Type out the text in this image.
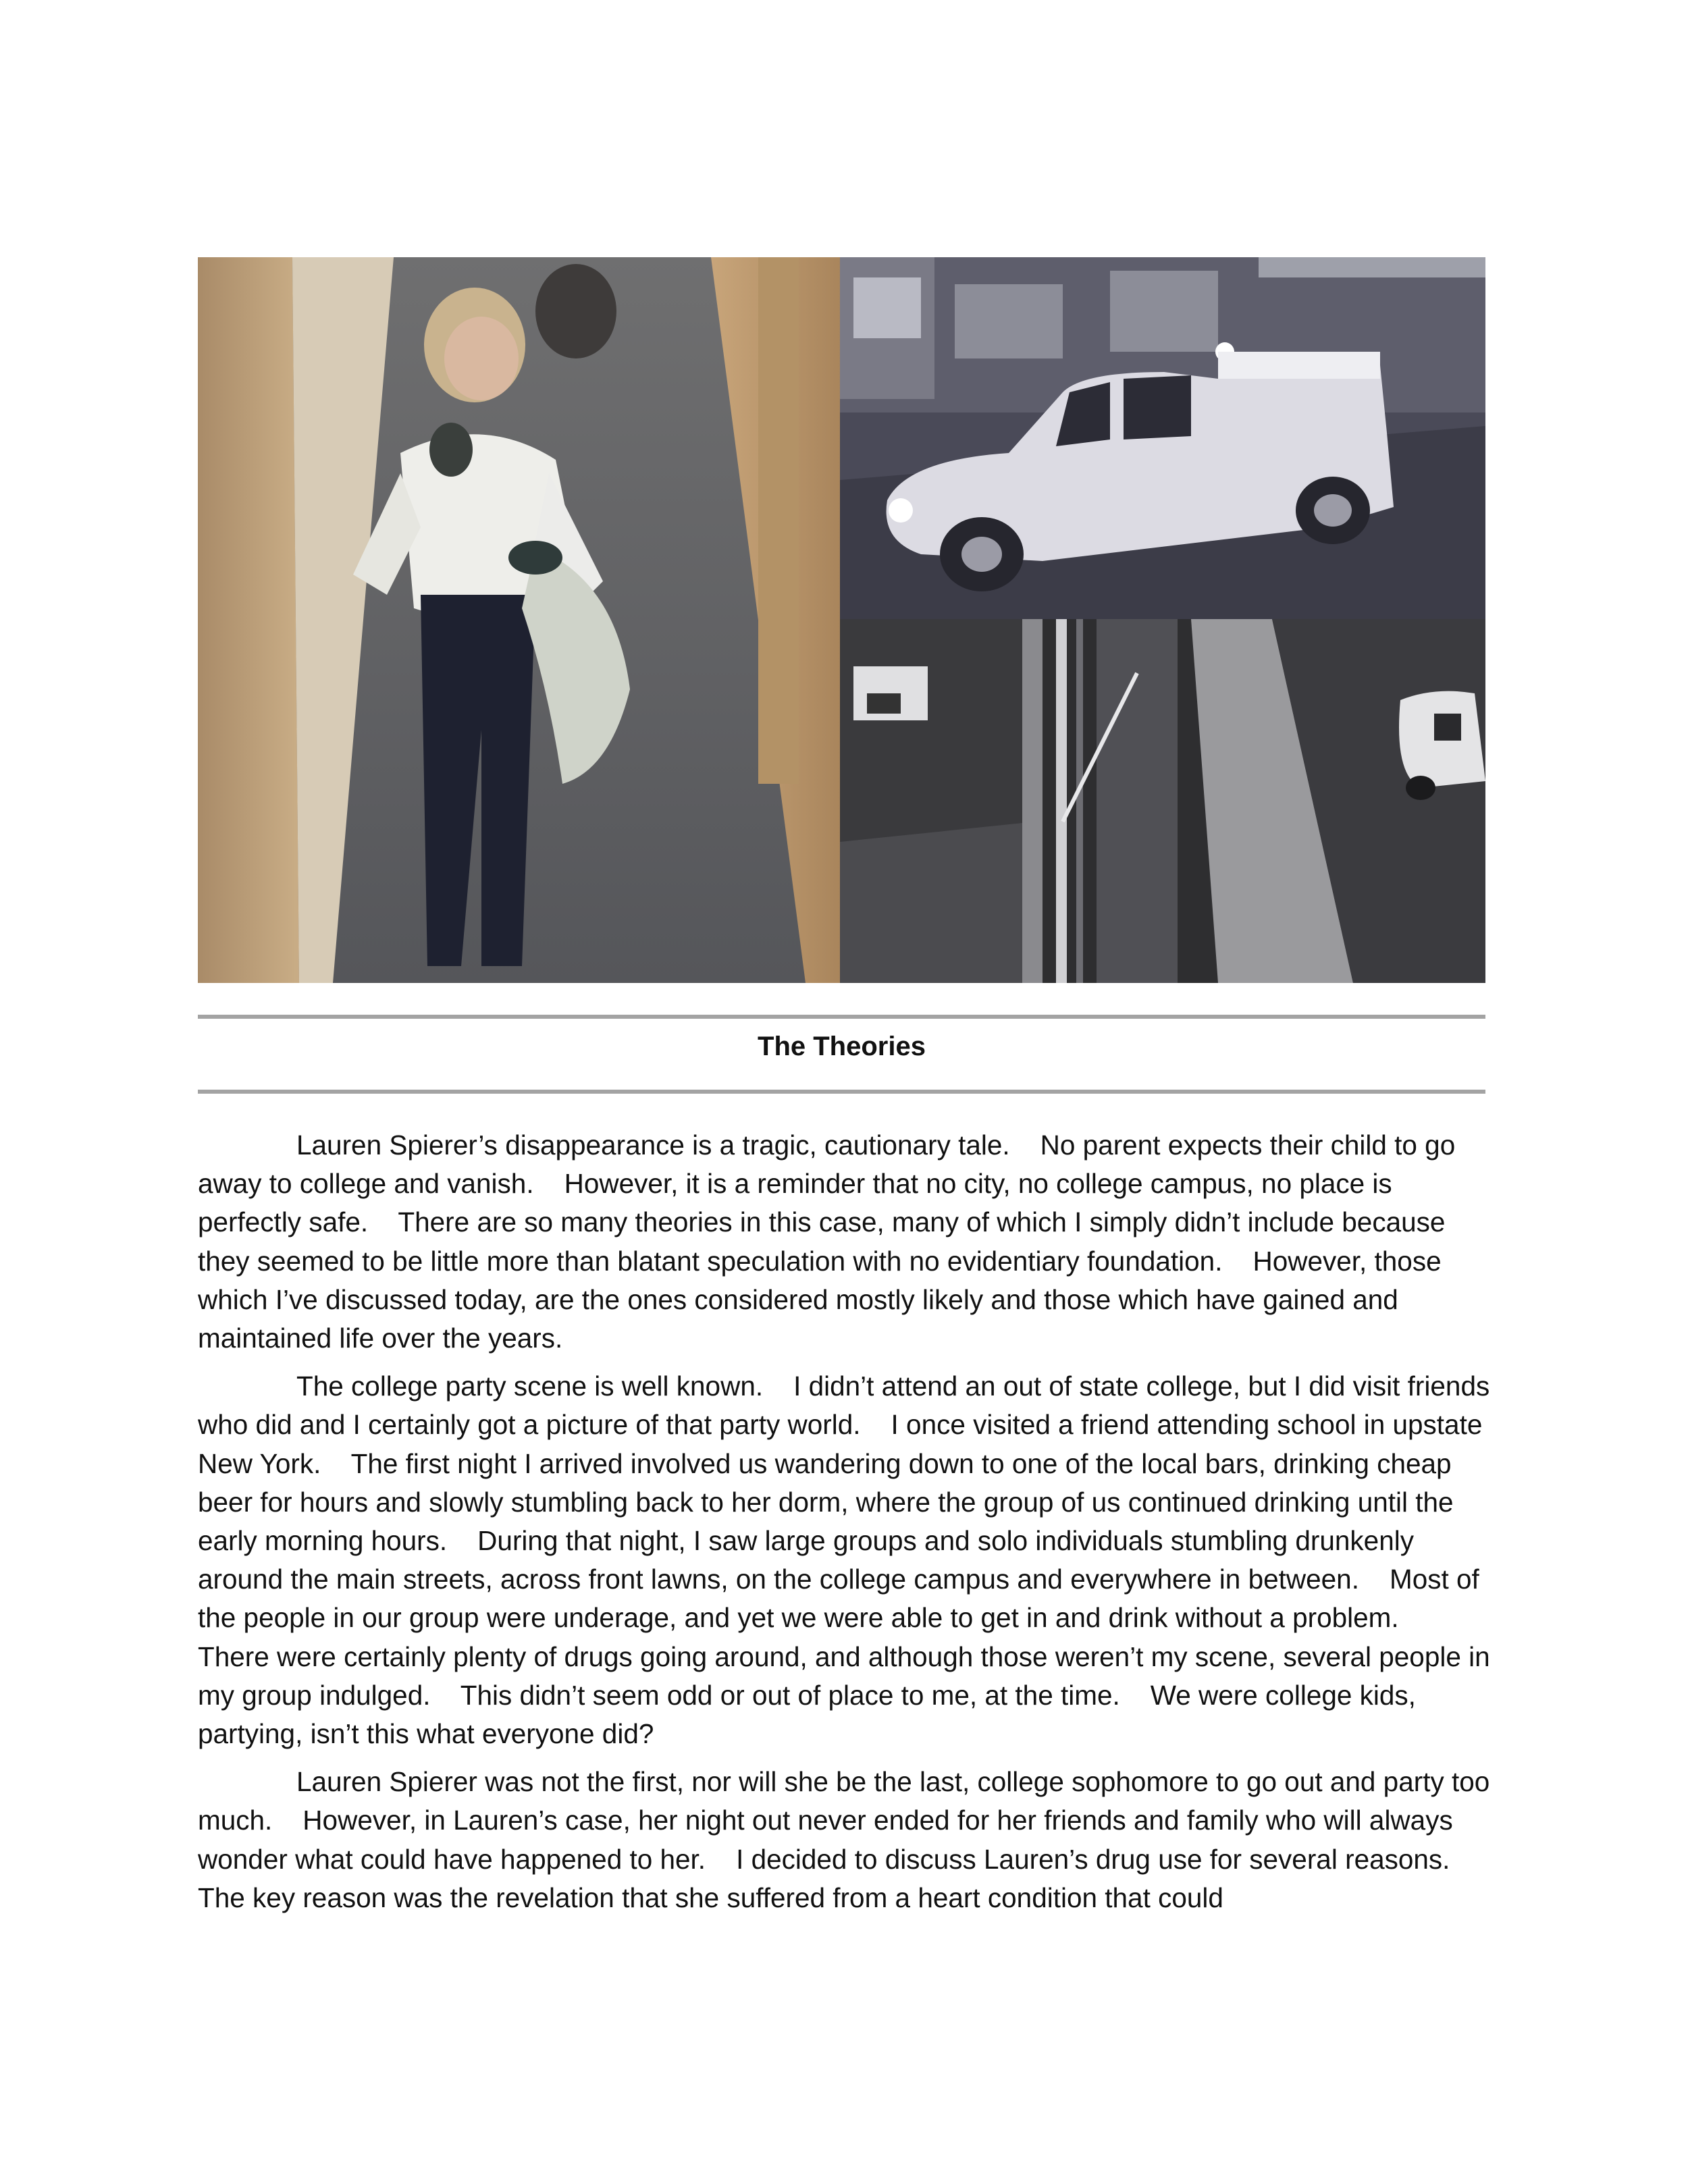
The Theories

Lauren Spierer’s disappearance is a tragic, cautionary tale.    No parent expects their child to go away to college and vanish.    However, it is a reminder that no city, no college campus, no place is perfectly safe.    There are so many theories in this case, many of which I simply didn’t include because they seemed to be little more than blatant speculation with no evidentiary foundation.    However, those which I’ve discussed today, are the ones considered mostly likely and those which have gained and maintained life over the years.

The college party scene is well known.    I didn’t attend an out of state college, but I did visit friends who did and I certainly got a picture of that party world.    I once visited a friend attending school in upstate New York.    The first night I arrived involved us wandering down to one of the local bars, drinking cheap beer for hours and slowly stumbling back to her dorm, where the group of us continued drinking until the early morning hours.    During that night, I saw large groups and solo individuals stumbling drunkenly around the main streets, across front lawns, on the college campus and everywhere in between.    Most of the people in our group were underage, and yet we were able to get in and drink without a problem.    There were certainly plenty of drugs going around, and although those weren’t my scene, several people in my group indulged.    This didn’t seem odd or out of place to me, at the time.    We were college kids, partying, isn’t this what everyone did?

Lauren Spierer was not the first, nor will she be the last, college sophomore to go out and party too much.    However, in Lauren’s case, her night out never ended for her friends and family who will always wonder what could have happened to her.    I decided to discuss Lauren’s drug use for several reasons.    The key reason was the revelation that she suffered from a heart condition that could
